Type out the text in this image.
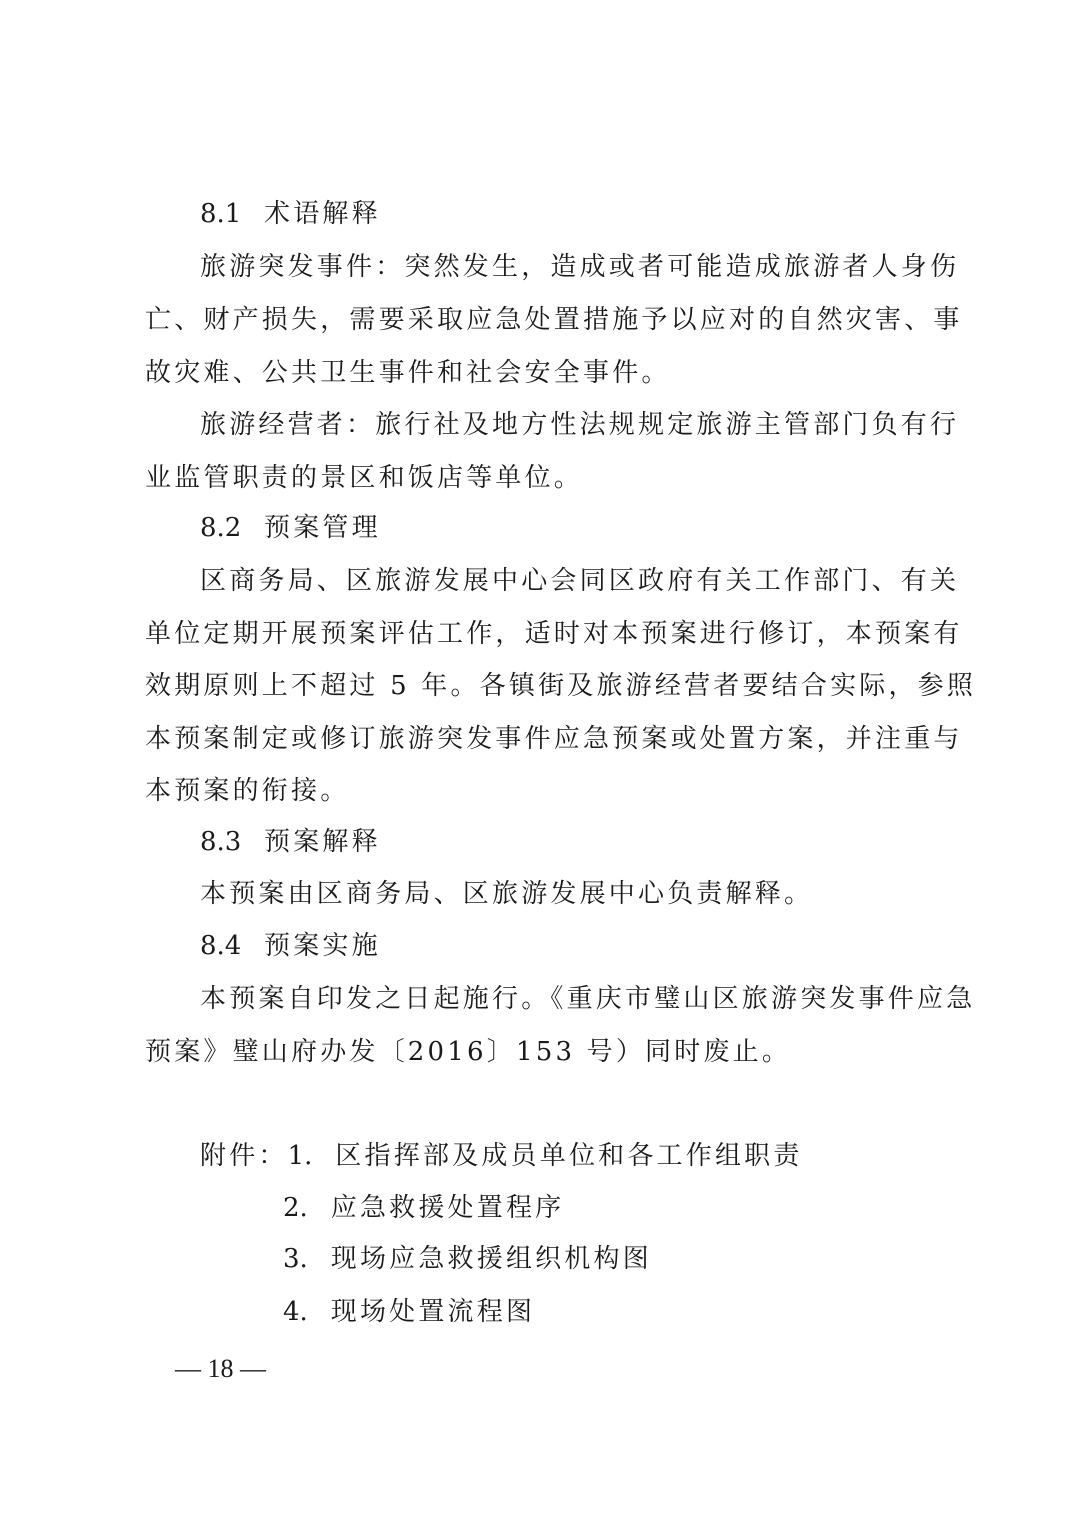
8.1 术语解释
旅游突发事件：突然发生，造成或者可能造成旅游者人身伤
亡、财产损失，需要采取应急处置措施予以应对的自然灾害、事
故灾难、公共卫生事件和社会安全事件。
旅游经营者：旅行社及地方性法规规定旅游主管部门负有行
业监管职责的景区和饭店等单位。
8.2 预案管理
区商务局、区旅游发展中心会同区政府有关工作部门、有关
单位定期开展预案评估工作，适时对本预案进行修订，本预案有
效期原则上不超过 5 年。各镇街及旅游经营者要结合实际，参照
本预案制定或修订旅游突发事件应急预案或处置方案，并注重与
本预案的衔接。
8.3 预案解释
本预案由区商务局、区旅游发展中心负责解释。
8.4 预案实施
本预案自印发之日起施行。《重庆市璧山区旅游突发事件应急
预案》璧山府办发〔2016〕153 号）同时废止。
附件：1. 区指挥部及成员单位和各工作组职责
2. 应急救援处置程序
3. 现场应急救援组织机构图
4. 现场处置流程图
— 18 —
